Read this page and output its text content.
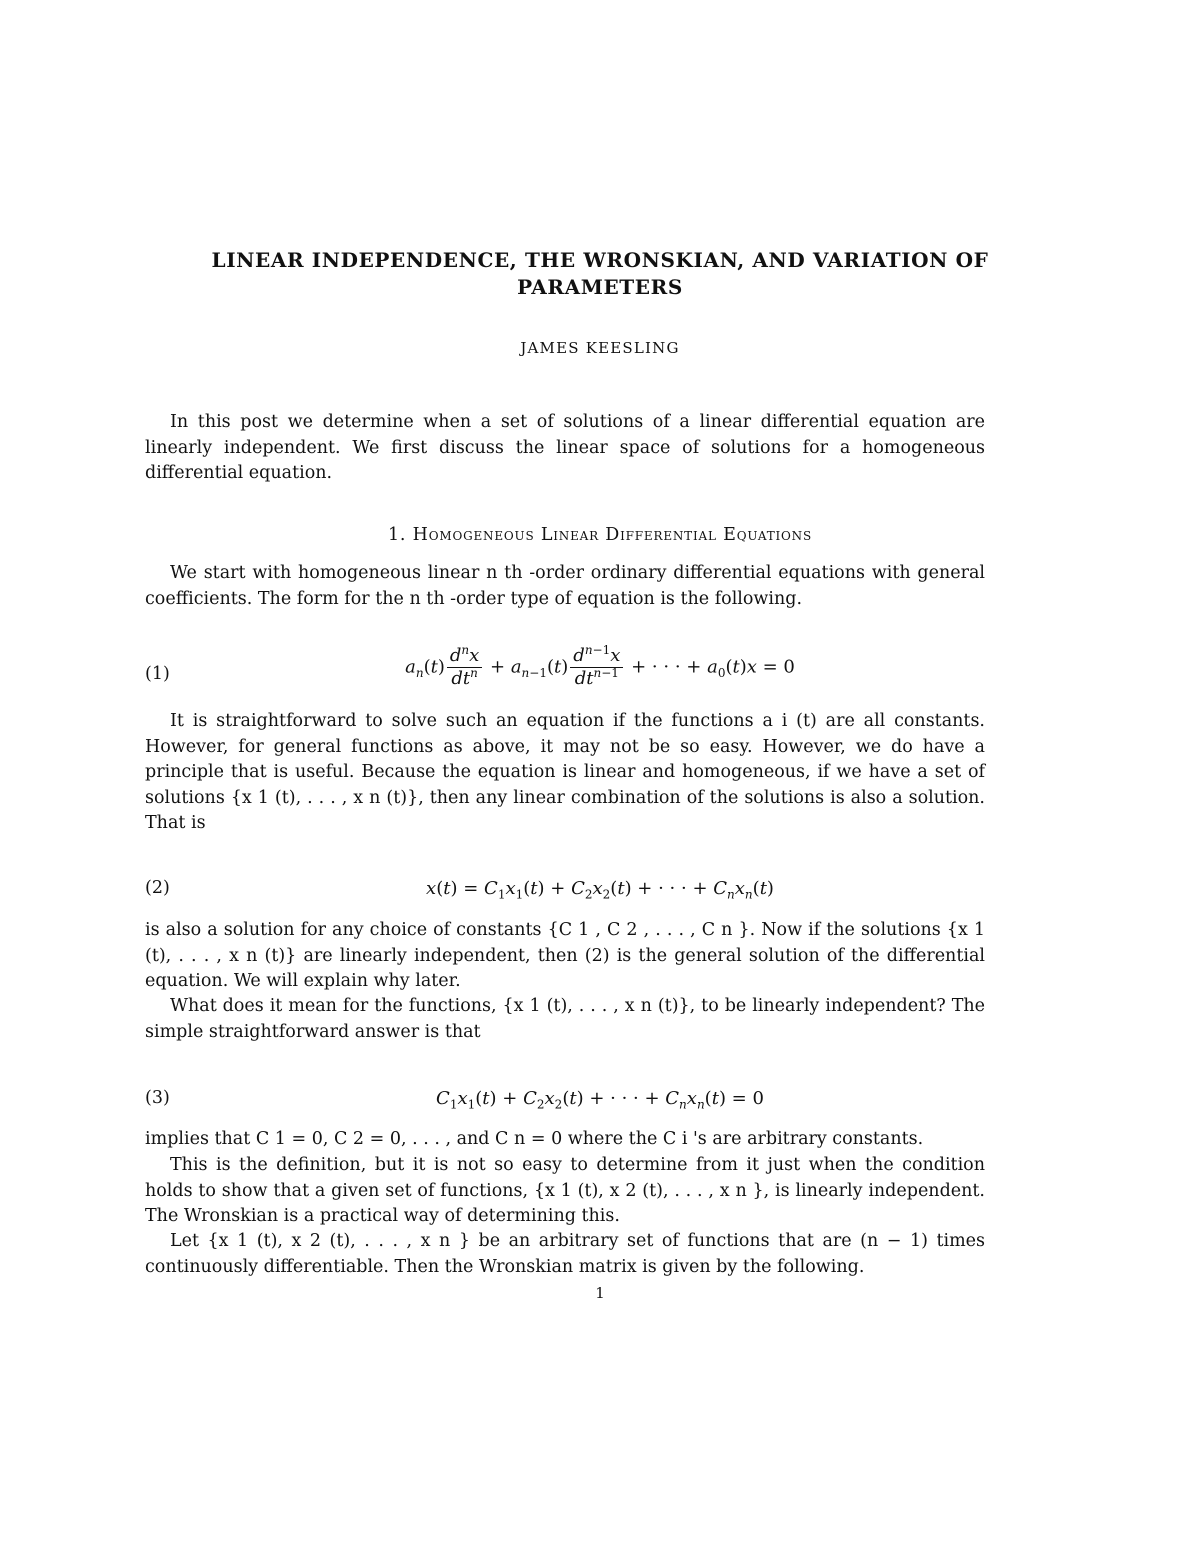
LINEAR INDEPENDENCE, THE WRONSKIAN, AND VARIATION OF
PARAMETERS
JAMES KEESLING
In this post we determine when a set of solutions of a linear differential equation are linearly independent. We first discuss the linear space of solutions for a homogeneous differential equation.
1. Homogeneous Linear Differential Equations
We start with homogeneous linear n th -order ordinary differential equations with general coefficients. The form for the n th -order type of equation is the following.
(1)	$a_n(t) \frac{d^nx}{dt^n} + a_{n-1}(t) \frac{d^{n-1}x}{dt^{n-1}}$ + · · · + $a_0(t)x = 0$
It is straightforward to solve such an equation if the functions a i (t) are all constants. However, for general functions as above, it may not be so easy. However, we do have a principle that is useful. Because the equation is linear and homogeneous, if we have a set of solutions {x 1 (t), . . . , x n (t)}, then any linear combination of the solutions is also a solution. That is
(2)	$x(t) = C_1x_1(t) + C_2x_2(t)$ + · · · + $C_nx_n(t)$
is also a solution for any choice of constants {C 1 , C 2 , . . . , C n }. Now if the solutions {x 1 (t), . . . , x n (t)} are linearly independent, then (2) is the general solution of the differential equation. We will explain why later.
What does it mean for the functions, {x 1 (t), . . . , x n (t)}, to be linearly independent? The simple straightforward answer is that
(3)	$C_1x_1(t) + C_2x_2(t)$ + · · · + $C_nx_n(t) = 0$
implies that C 1 = 0, C 2 = 0, . . . , and C n = 0 where the C i 's are arbitrary constants.
This is the definition, but it is not so easy to determine from it just when the condition holds to show that a given set of functions, {x 1 (t), x 2 (t), . . . , x n }, is linearly independent. The Wronskian is a practical way of determining this.
Let {x 1 (t), x 2 (t), . . . , x n } be an arbitrary set of functions that are (n − 1) times continuously differentiable. Then the Wronskian matrix is given by the following.
1
